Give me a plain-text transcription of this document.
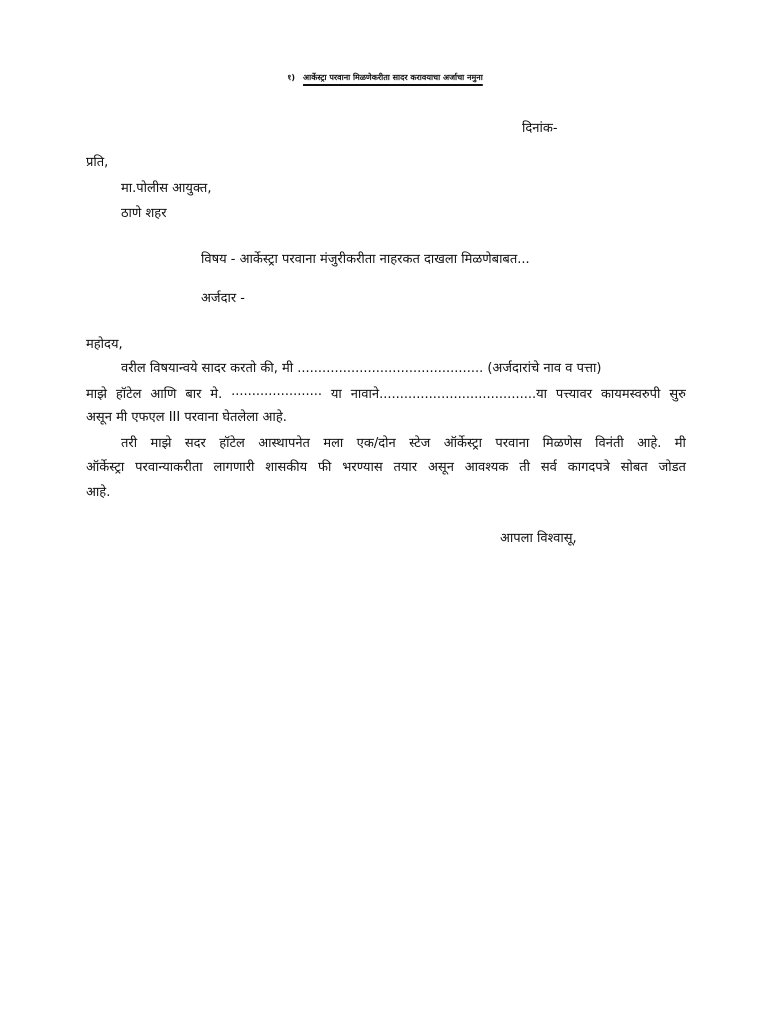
१) आर्केस्ट्रा परवाना मिळणेकरीता सादर करावयाचा अर्जाचा नमुना
दिनांक-
प्रति,
मा.पोलीस आयुक्त,
ठाणे शहर
विषय - आर्केस्ट्रा परवाना मंजुरीकरीता नाहरकत दाखला मिळणेबाबत...
अर्जदार -
महोदय,
वरील विषयान्वये सादर करतो की, मी ............................................. (अर्जदारांचे नाव व पत्ता)
माझे हॉटेल आणि बार मे. ...................... या नावाने......................................या पत्त्यावर कायमस्वरुपी सुरु
असून मी एफएल III परवाना घेतलेला आहे.
तरी माझे सदर हॉटेल आस्थापनेत मला एक/दोन स्टेज ऑर्केस्ट्रा परवाना मिळणेस विनंती आहे. मी
ऑर्केस्ट्रा परवान्याकरीता लागणारी शासकीय फी भरण्यास तयार असून आवश्यक ती सर्व कागदपत्रे सोबत जोडत
आहे.
आपला विश्वासू,
